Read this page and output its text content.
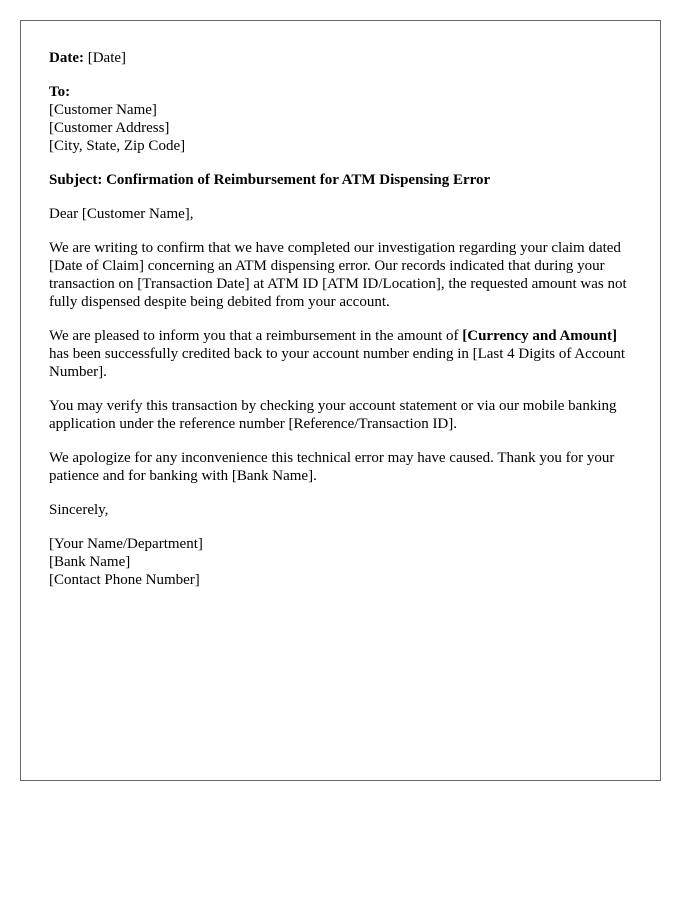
Date: [Date]
To:
[Customer Name]
[Customer Address]
[City, State, Zip Code]
Subject: Confirmation of Reimbursement for ATM Dispensing Error
Dear [Customer Name],

We are writing to confirm that we have completed our investigation regarding your claim dated [Date of Claim] concerning an ATM dispensing error. Our records indicated that during your transaction on [Transaction Date] at ATM ID [ATM ID/Location], the requested amount was not fully dispensed despite being debited from your account.

We are pleased to inform you that a reimbursement in the amount of [Currency and Amount] has been successfully credited back to your account number ending in [Last 4 Digits of Account Number].

You may verify this transaction by checking your account statement or via our mobile banking application under the reference number [Reference/Transaction ID].

We apologize for any inconvenience this technical error may have caused. Thank you for your patience and for banking with [Bank Name].

Sincerely,
[Your Name/Department]
[Bank Name]
[Contact Phone Number]
